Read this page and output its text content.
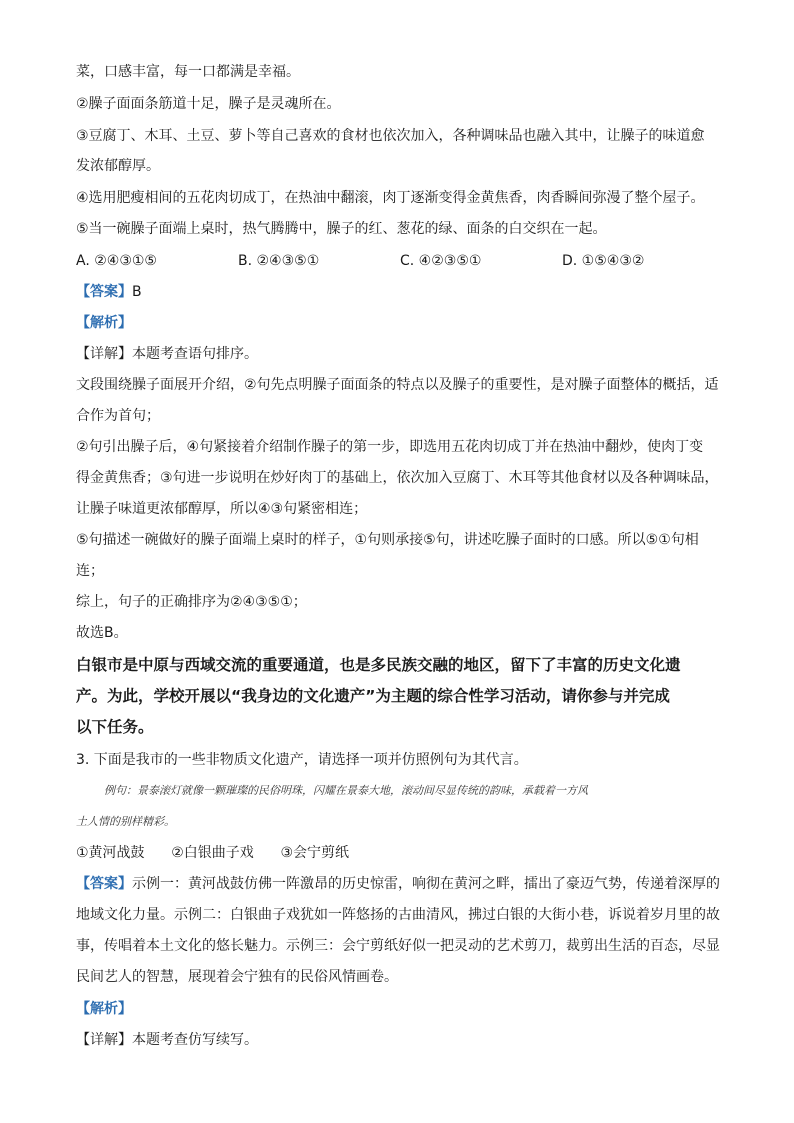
菜，口感丰富，每一口都满是幸福。

②臊子面面条筋道十足，臊子是灵魂所在。

③豆腐丁、木耳、土豆、萝卜等自己喜欢的食材也依次加入，各种调味品也融入其中，让臊子的味道愈

发浓郁醇厚。

④选用肥瘦相间的五花肉切成丁，在热油中翻滚，肉丁逐渐变得金黄焦香，肉香瞬间弥漫了整个屋子。

⑤当一碗臊子面端上桌时，热气腾腾中，臊子的红、葱花的绿、面条的白交织在一起。

A. ②④③①⑤	B. ②④③⑤①	C. ④②③⑤①	D. ①⑤④③②

【答案】B

【解析】

【详解】本题考查语句排序。

文段围绕臊子面展开介绍，②句先点明臊子面面条的特点以及臊子的重要性，是对臊子面整体的概括，适

合作为首句；

②句引出臊子后，④句紧接着介绍制作臊子的第一步，即选用五花肉切成丁并在热油中翻炒，使肉丁变

得金黄焦香；③句进一步说明在炒好肉丁的基础上，依次加入豆腐丁、木耳等其他食材以及各种调味品，

让臊子味道更浓郁醇厚，所以④③句紧密相连；

⑤句描述一碗做好的臊子面端上桌时的样子，①句则承接⑤句，讲述吃臊子面时的口感。所以⑤①句相

连；

综上，句子的正确排序为②④③⑤①；

故选B。

白银市是中原与西域交流的重要通道，也是多民族交融的地区，留下了丰富的历史文化遗

产。为此，学校开展以“我身边的文化遗产”为主题的综合性学习活动，请你参与并完成

以下任务。

3. 下面是我市的一些非物质文化遗产，请选择一项并仿照例句为其代言。

例句：景泰滚灯就像一颗璀璨的民俗明珠，闪耀在景泰大地，滚动间尽显传统的韵味，承载着一方风

土人情的别样精彩。

①黄河战鼓      ②白银曲子戏      ③会宁剪纸

【答案】示例一：黄河战鼓仿佛一阵激昂的历史惊雷，响彻在黄河之畔，擂出了豪迈气势，传递着深厚的

地域文化力量。示例二：白银曲子戏犹如一阵悠扬的古曲清风，拂过白银的大街小巷，诉说着岁月里的故

事，传唱着本土文化的悠长魅力。示例三：会宁剪纸好似一把灵动的艺术剪刀，裁剪出生活的百态，尽显

民间艺人的智慧，展现着会宁独有的民俗风情画卷。

【解析】

【详解】本题考查仿写续写。
